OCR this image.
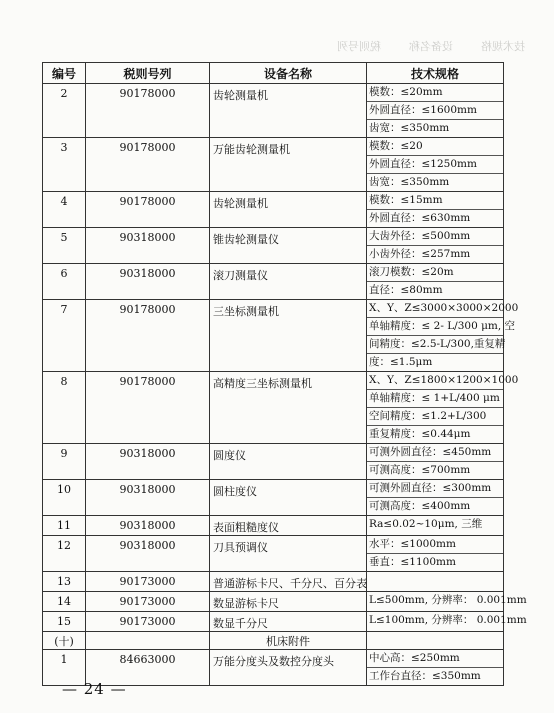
技术规格
设备名称
税则号列
编号	税则号列	设备名称	技术规格
2	90178000	齿轮测量机	模数：≤20mm
外圆直径：≤1600mm
齿宽：≤350mm

3	90178000	万能齿轮测量机	模数：≤20
外圆直径：≤1250mm
齿宽：≤350mm

4	90178000	齿轮测量机	模数：≤15mm
外圆直径：≤630mm

5	90318000	锥齿轮测量仪	大齿外径：≤500mm
小齿外径：≤257mm

6	90318000	滚刀测量仪	滚刀模数：≤20m
直径：≤80mm

7	90178000	三坐标测量机	X、Y、Z≤3000×3000×2000
单轴精度：≤ 2- L/300 μm, 空
间精度：≤2.5-L/300,重复精
度：≤1.5μm

8	90178000	高精度三坐标测量机	X、Y、Z≤1800×1200×1000
单轴精度：≤ 1+L/400 μm
空间精度：≤1.2+L/300
重复精度：≤0.44μm

9	90318000	圆度仪	可测外圆直径：≤450mm
可测高度：≤700mm

10	90318000	圆柱度仪	可测外圆直径：≤300mm
可测高度：≤400mm

11	90318000	表面粗糙度仪	Ra≤0.02~10μm, 三维

12	90318000	刀具预调仪	水平：≤1000mm
垂直：≤1100mm

13	90173000	普通游标卡尺、千分尺、百分表	

14	90173000	数显游标卡尺	L≤500mm, 分辨率： 0.001mm

15	90173000	数显千分尺	L≤100mm, 分辨率： 0.001mm

(十)		机床附件	
1	84663000	万能分度头及数控分度头	中心高：≤250mm
工作台直径：≤350mm
— 24 —
